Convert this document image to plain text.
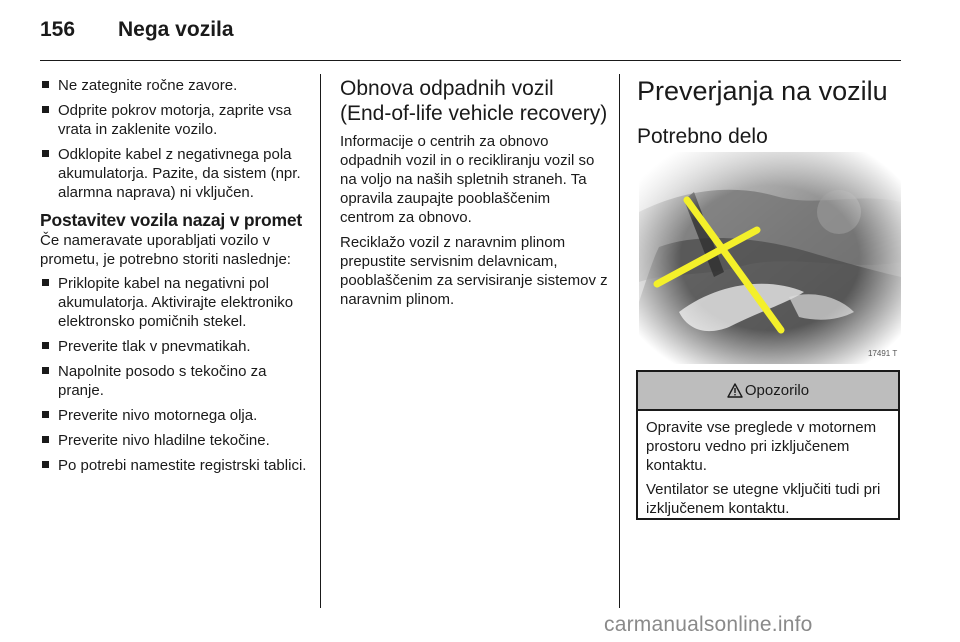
156 Nega vozila
Ne zategnite ročne zavore.
Odprite pokrov motorja, zaprite vsa vrata in zaklenite vozilo.
Odklopite kabel z negativnega pola akumulatorja. Pazite, da sistem (npr. alarmna naprava) ni vključen.
Postavitev vozila nazaj v promet

Če nameravate uporabljati vozilo v prometu, je potrebno storiti naslednje:

Priklopite kabel na negativni pol akumulatorja. Aktivirajte elektroniko elektronsko pomičnih stekel.
Preverite tlak v pnevmatikah.
Napolnite posodo s tekočino za pranje.
Preverite nivo motornega olja.
Preverite nivo hladilne tekočine.
Po potrebi namestite registrski tablici.
Obnova odpadnih vozil (End-of-life vehicle recovery)

Informacije o centrih za obnovo odpadnih vozil in o recikliranju vozil so na voljo na naših spletnih straneh. Ta opravila zaupajte pooblaščenim centrom za obnovo.

Reciklažo vozil z naravnim plinom prepustite servisnim delavnicam, pooblaščenim za servisiranje sistemov z naravnim plinom.

Preverjanja na vozilu
Potrebno delo
17491 T
Opozorilo

Opravite vse preglede v motornem prostoru vedno pri izključenem kontaktu.

Ventilator se utegne vključiti tudi pri izključenem kontaktu.

carmanualsonline.info
